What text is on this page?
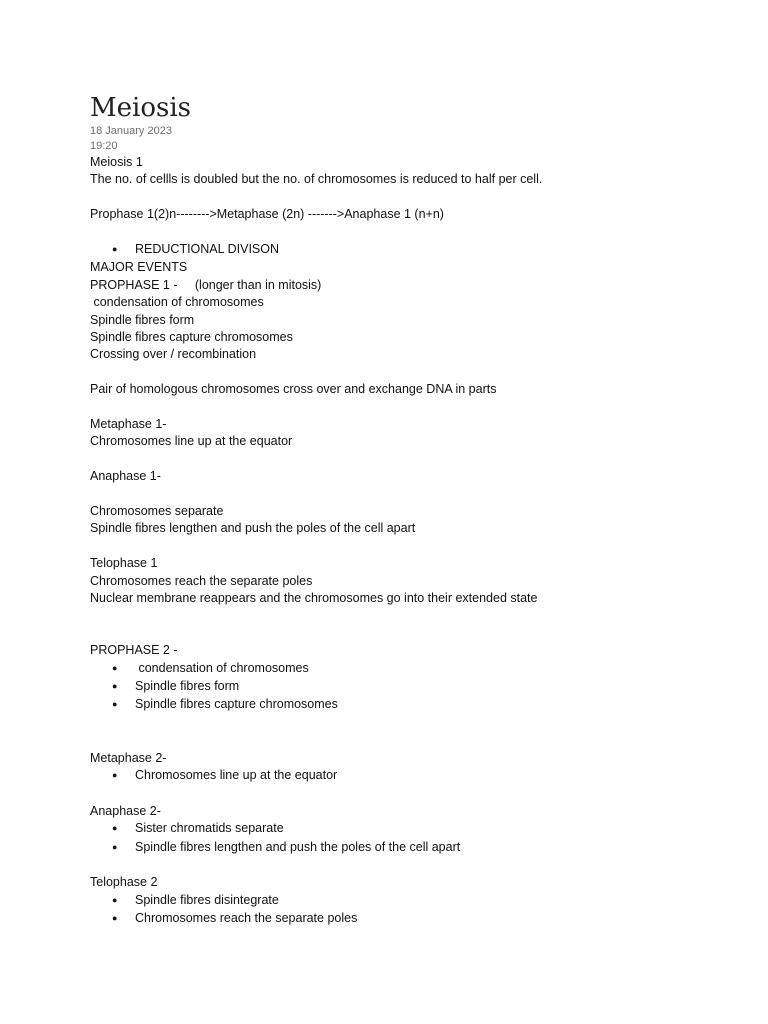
Meiosis
18 January 2023
19:20
Meiosis 1
The no. of cellls is doubled but the no. of chromosomes is reduced to half per cell.
Prophase 1(2)n-------->Metaphase (2n) ------->Anaphase 1 (n+n)
●	REDUCTIONAL DIVISON
MAJOR EVENTS
PROPHASE 1 -     (longer than in mitosis)
condensation of chromosomes
Spindle fibres form
Spindle fibres capture chromosomes
Crossing over / recombination
Pair of homologous chromosomes cross over and exchange DNA in parts
Metaphase 1-
Chromosomes line up at the equator
Anaphase 1-
Chromosomes separate
Spindle fibres lengthen and push the poles of the cell apart
Telophase 1
Chromosomes reach the separate poles
Nuclear membrane reappears and the chromosomes go into their extended state
PROPHASE 2 -
●	condensation of chromosomes
●	Spindle fibres form
●	Spindle fibres capture chromosomes
Metaphase 2-
●	Chromosomes line up at the equator
Anaphase 2-
●	Sister chromatids separate
●	Spindle fibres lengthen and push the poles of the cell apart
Telophase 2
●	Spindle fibres disintegrate
●	Chromosomes reach the separate poles
